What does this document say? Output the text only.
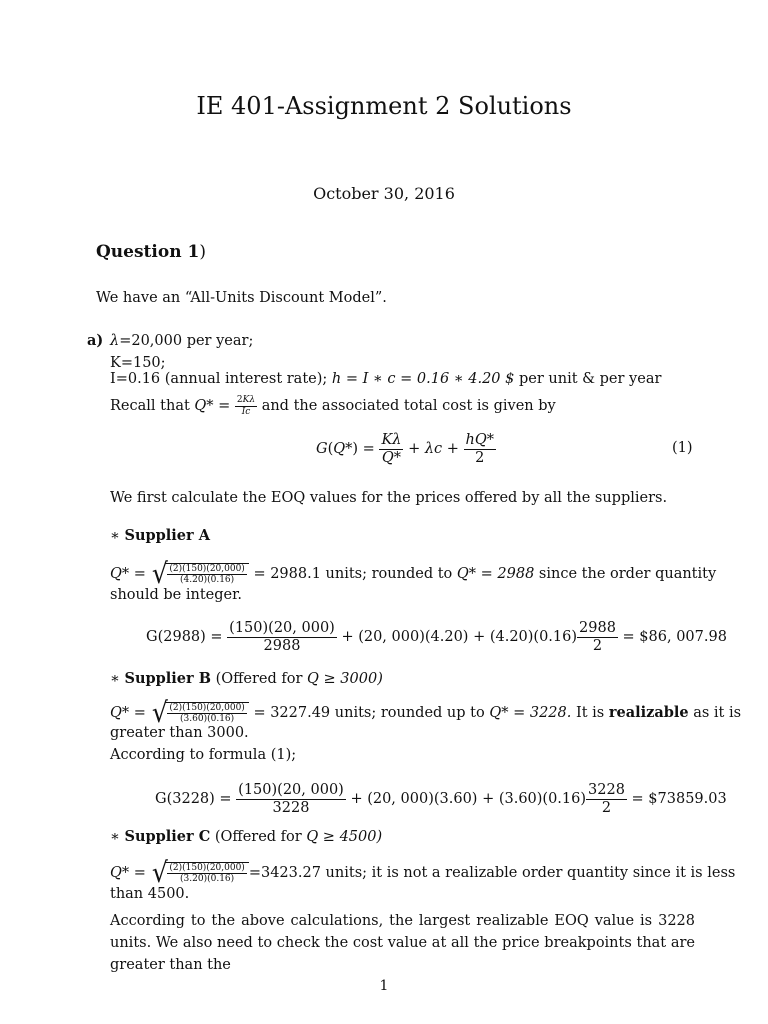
IE 401-Assignment 2 Solutions
October 30, 2016
Question 1)
We have an “All-Units Discount Model”.
a) λ=20,000 per year;
K=150;
I=0.16 (annual interest rate); h = I ∗ c = 0.16 ∗ 4.20 $ per unit & per year
Recall that $Q* = \frac{2K\lambda}{Ic}$ and the associated total cost is given by
$G(Q*) = \frac{K\lambda}{Q*} + \lambda c + \frac{hQ*}{2}$	(1)
We first calculate the EOQ values for the prices offered by all the suppliers.
∗ Supplier A
Q* = √ $\frac{(2)(150)(20,000)}{(4.20)(0.16)} = 2988.1$ units; rounded to Q* = 2988 since the order quantity
should be integer.
$G(2988) = \frac{(150)(20, 000)}{2988} + (20$, $000)(4.20) + (4.20)(0.16) \frac{2988}{2}$ = $86, 007.98
∗ Supplier B (Offered for Q ≥ 3000)
Q* = √ $\frac{(2)(150)(20,000)}{(3.60)(0.16)} = 3227.49$ units; rounded up to Q* = 3228. It is realizable as it is
greater than 3000.
According to formula (1);
$G(3228) = \frac{(150)(20, 000)}{3228} + (20$, $000)(3.60) + (3.60)(0.16) \frac{3228}{2}$ = $73859.03
∗ Supplier C (Offered for Q ≥ 4500)
Q* = √ $\frac{(2)(150)(20,000)}{(3.20)(0.16)} =3423.27$ units; it is not a realizable order quantity since it is less
than 4500.
According to the above calculations, the largest realizable EOQ value is 3228 units. We also need to check the cost value at all the price breakpoints that are greater than the
1
